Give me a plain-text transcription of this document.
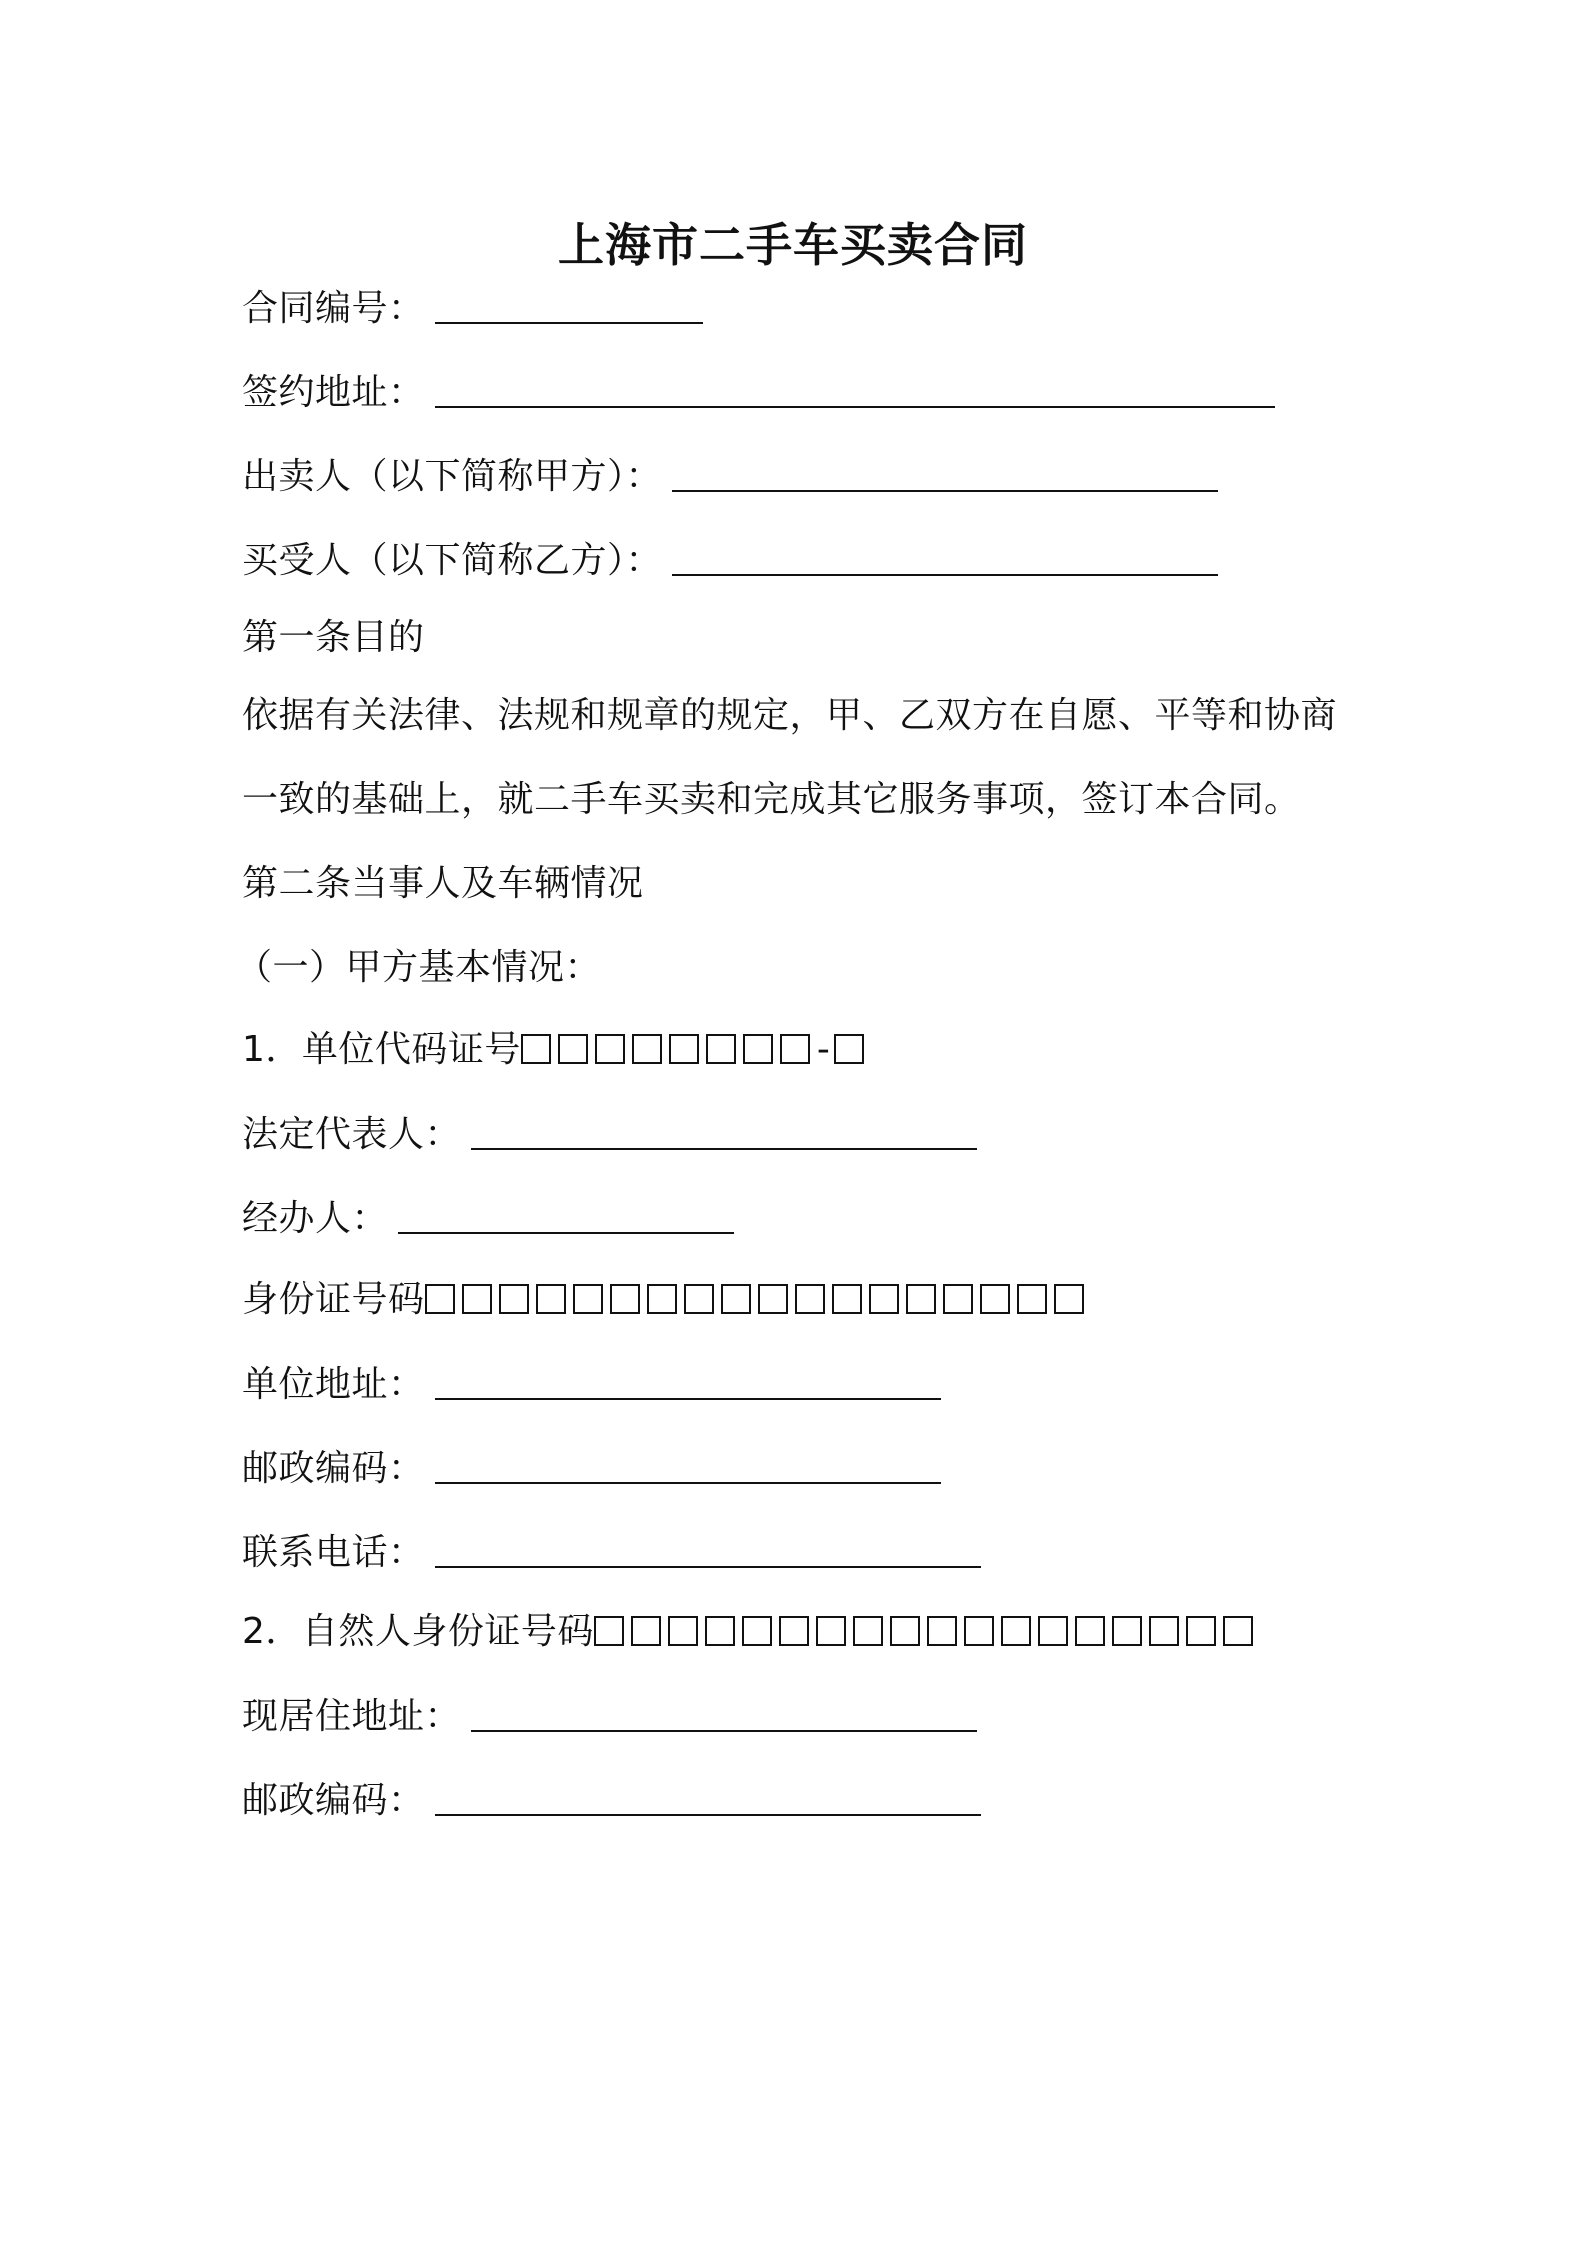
上海市二手车买卖合同
合同编号：
签约地址：
出卖人（以下简称甲方）：
买受人（以下简称乙方）：
第一条目的
依据有关法律、法规和规章的规定，甲、乙双方在自愿、平等和协商
一致的基础上，就二手车买卖和完成其它服务事项，签订本合同。
第二条当事人及车辆情况
（一）甲方基本情况：
1．单位代码证号	-
法定代表人：
经办人：
身份证号码
单位地址：
邮政编码：
联系电话：
2．自然人身份证号码
现居住地址：
邮政编码：
